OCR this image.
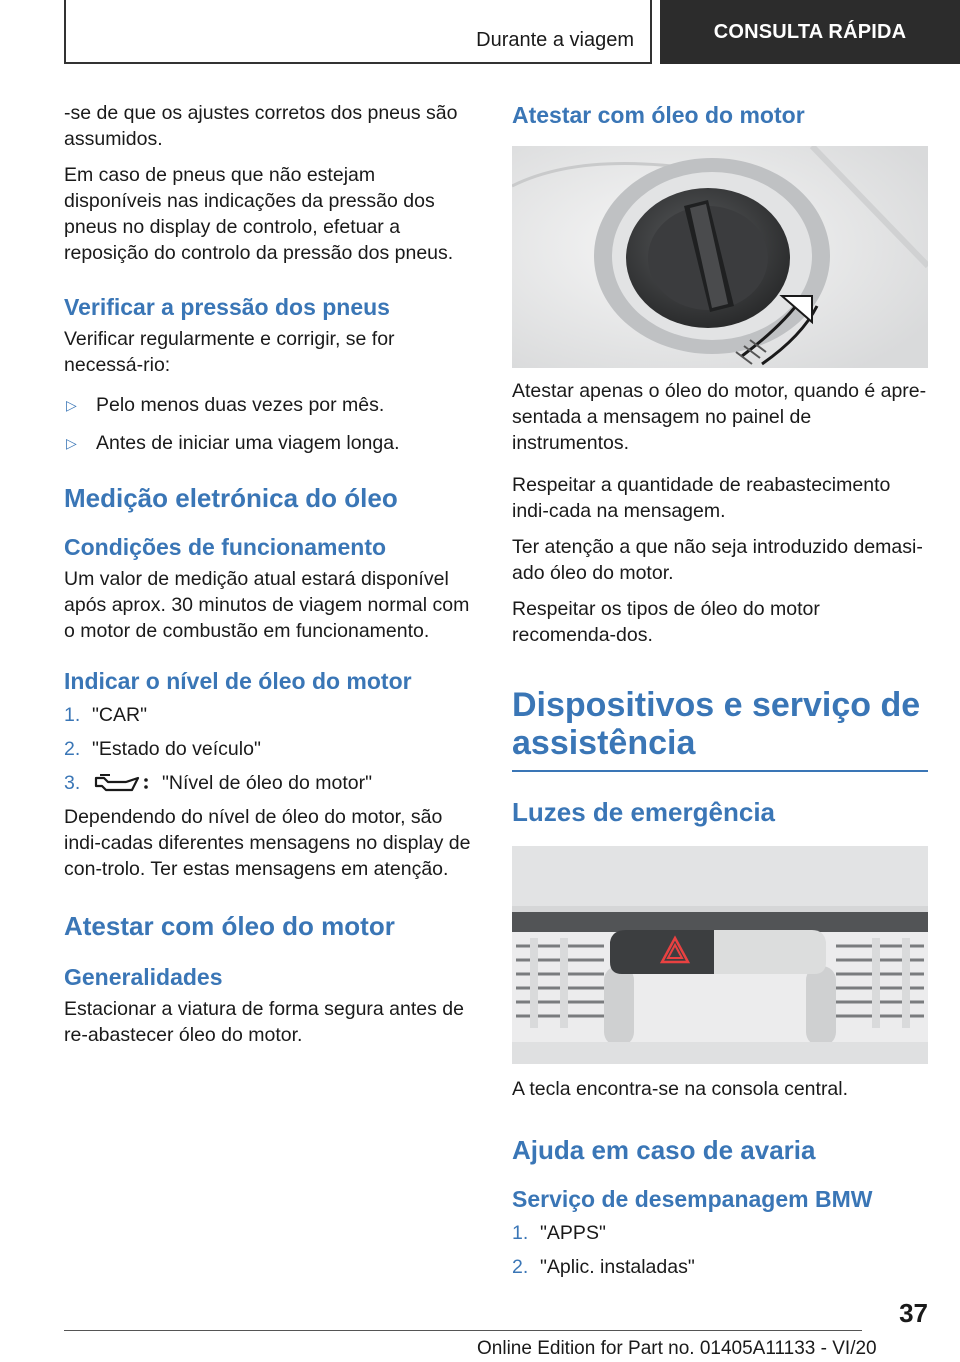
Durante a viagem	CONSULTA RÁPIDA

-se de que os ajustes corretos dos pneus são assumidos.

Em caso de pneus que não estejam disponíveis nas indicações da pressão dos pneus no display de controlo, efetuar a reposição do controlo da pressão dos pneus.

Verificar a pressão dos pneus

Verificar regularmente e corrigir, se for necessá‐rio:

▷ Pelo menos duas vezes por mês.
▷ Antes de iniciar uma viagem longa.
Medição eletrónica do óleo
Condições de funcionamento

Um valor de medição atual estará disponível após aprox. 30 minutos de viagem normal com o motor de combustão em funcionamento.

Indicar o nível de óleo do motor
1. "CAR"
2. "Estado do veículo"
3.	"Nível de óleo do motor"

Dependendo do nível de óleo do motor, são indi‐cadas diferentes mensagens no display de con‐trolo. Ter estas mensagens em atenção.

Atestar com óleo do motor
Generalidades

Estacionar a viatura de forma segura antes de re‐abastecer óleo do motor.

Atestar com óleo do motor

Atestar apenas o óleo do motor, quando é apre‐sentada a mensagem no painel de instrumentos.

Respeitar a quantidade de reabastecimento indi‐cada na mensagem.

Ter atenção a que não seja introduzido demasi‐ado óleo do motor.

Respeitar os tipos de óleo do motor recomenda‐dos.

Dispositivos e serviço de assistência
Luzes de emergência

A tecla encontra-se na consola central.

Ajuda em caso de avaria
Serviço de desempanagem BMW
1. "APPS"
2. "Aplic. instaladas"
37
Online Edition for Part no. 01405A11133 - VI/20
